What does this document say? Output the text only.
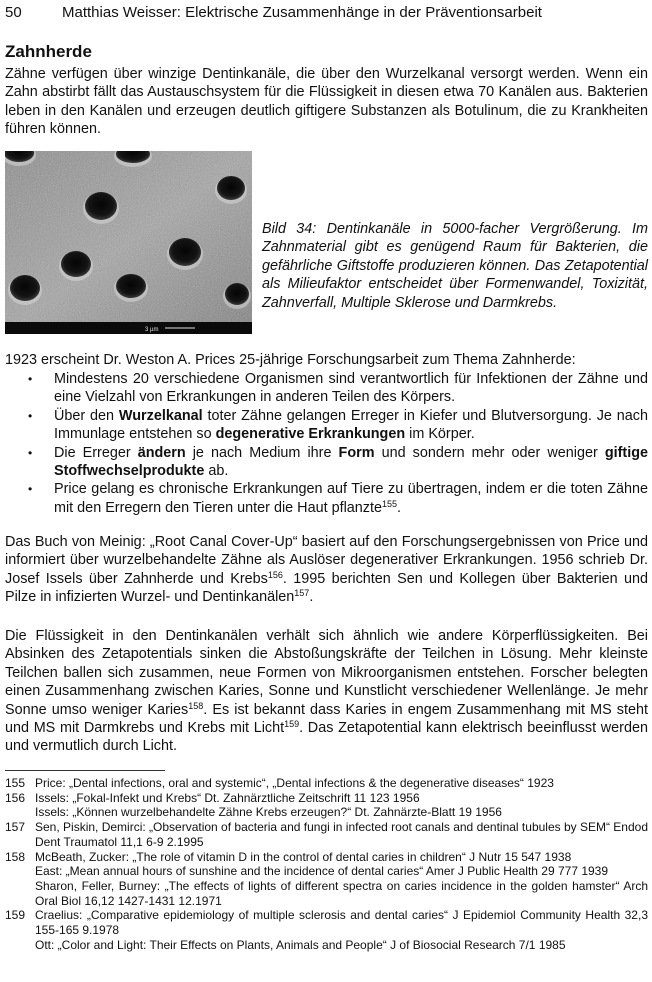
50	Matthias Weisser: Elektrische Zusammenhänge in der Präventionsarbeit
Zahnherde

Zähne verfügen über winzige Dentinkanäle, die über den Wurzelkanal versorgt werden. Wenn ein Zahn abstirbt fällt das Austauschsystem für die Flüssigkeit in diesen etwa 70 Kanälen aus. Bakterien leben in den Kanälen und erzeugen deutlich giftigere Substanzen als Botulinum, die zu Krankheiten führen können.

3 µm
Bild 34: Dentinkanäle in 5000-facher Vergrößerung. Im Zahnmaterial gibt es genügend Raum für Bakterien, die gefährliche Giftstoffe produzieren können. Das Zetapotential als Milieufaktor entscheidet über Formenwandel, Toxizität, Zahnverfall, Multiple Sklerose und Darmkrebs.

1923 erscheint Dr. Weston A. Prices 25-jährige Forschungsarbeit zum Thema Zahnherde:

• Mindestens 20 verschiedene Organismen sind verantwortlich für Infektionen der Zähne und eine Vielzahl von Erkrankungen in anderen Teilen des Körpers.
• Über den Wurzelkanal toter Zähne gelangen Erreger in Kiefer und Blutversorgung. Je nach Immunlage entstehen so degenerative Erkrankungen im Körper.
• Die Erreger ändern je nach Medium ihre Form und sondern mehr oder weniger giftige Stoffwechselprodukte ab.
• Price gelang es chronische Erkrankungen auf Tiere zu übertragen, indem er die toten Zähne mit den Erregern den Tieren unter die Haut pflanzte$^{155}$.

Das Buch von Meinig: „Root Canal Cover-Up“ basiert auf den Forschungsergebnissen von Price und informiert über wurzelbehandelte Zähne als Auslöser degenerativer Erkrankungen. 1956 schrieb Dr. Josef Issels über Zahnherde und Krebs$^{156}$. 1995 berichten Sen und Kollegen über Bakterien und Pilze in infizierten Wurzel- und Dentinkanälen$^{157}$.

Die Flüssigkeit in den Dentinkanälen verhält sich ähnlich wie andere Körperflüssigkeiten. Bei Absinken des Zetapotentials sinken die Abstoßungskräfte der Teilchen in Lösung. Mehr kleinste Teilchen ballen sich zusammen, neue Formen von Mikroorganismen entstehen. Forscher belegten einen Zusammenhang zwischen Karies, Sonne und Kunstlicht verschiedener Wellenlänge. Je mehr Sonne umso weniger Karies$^{158}$. Es ist bekannt dass Karies in engem Zusammenhang mit MS steht und MS mit Darmkrebs und Krebs mit Licht$^{159}$. Das Zetapotential kann elektrisch beeinflusst werden und vermutlich durch Licht.

155 Price: „Dental infections, oral and systemic“, „Dental infections & the degenerative diseases“ 1923
156 Issels: „Fokal-Infekt und Krebs“ Dt. Zahnärztliche Zeitschrift 11 123 1956
Issels: „Können wurzelbehandelte Zähne Krebs erzeugen?“ Dt. Zahnärzte-Blatt 19 1956
157 Sen, Piskin, Demirci: „Observation of bacteria and fungi in infected root canals and dentinal tubules by SEM“ Endod Dent Traumatol 11,1 6-9 2.1995
158 McBeath, Zucker: „The role of vitamin D in the control of dental caries in children“ J Nutr 15 547 1938
East: „Mean annual hours of sunshine and the incidence of dental caries“ Amer J Public Health 29 777 1939
Sharon, Feller, Burney: „The effects of lights of different spectra on caries incidence in the golden hamster“ Arch Oral Biol 16,12 1427-1431 12.1971
159 Craelius: „Comparative epidemiology of multiple sclerosis and dental caries“ J Epidemiol Community Health 32,3 155-165 9.1978
Ott: „Color and Light: Their Effects on Plants, Animals and People“ J of Biosocial Research 7/1 1985
